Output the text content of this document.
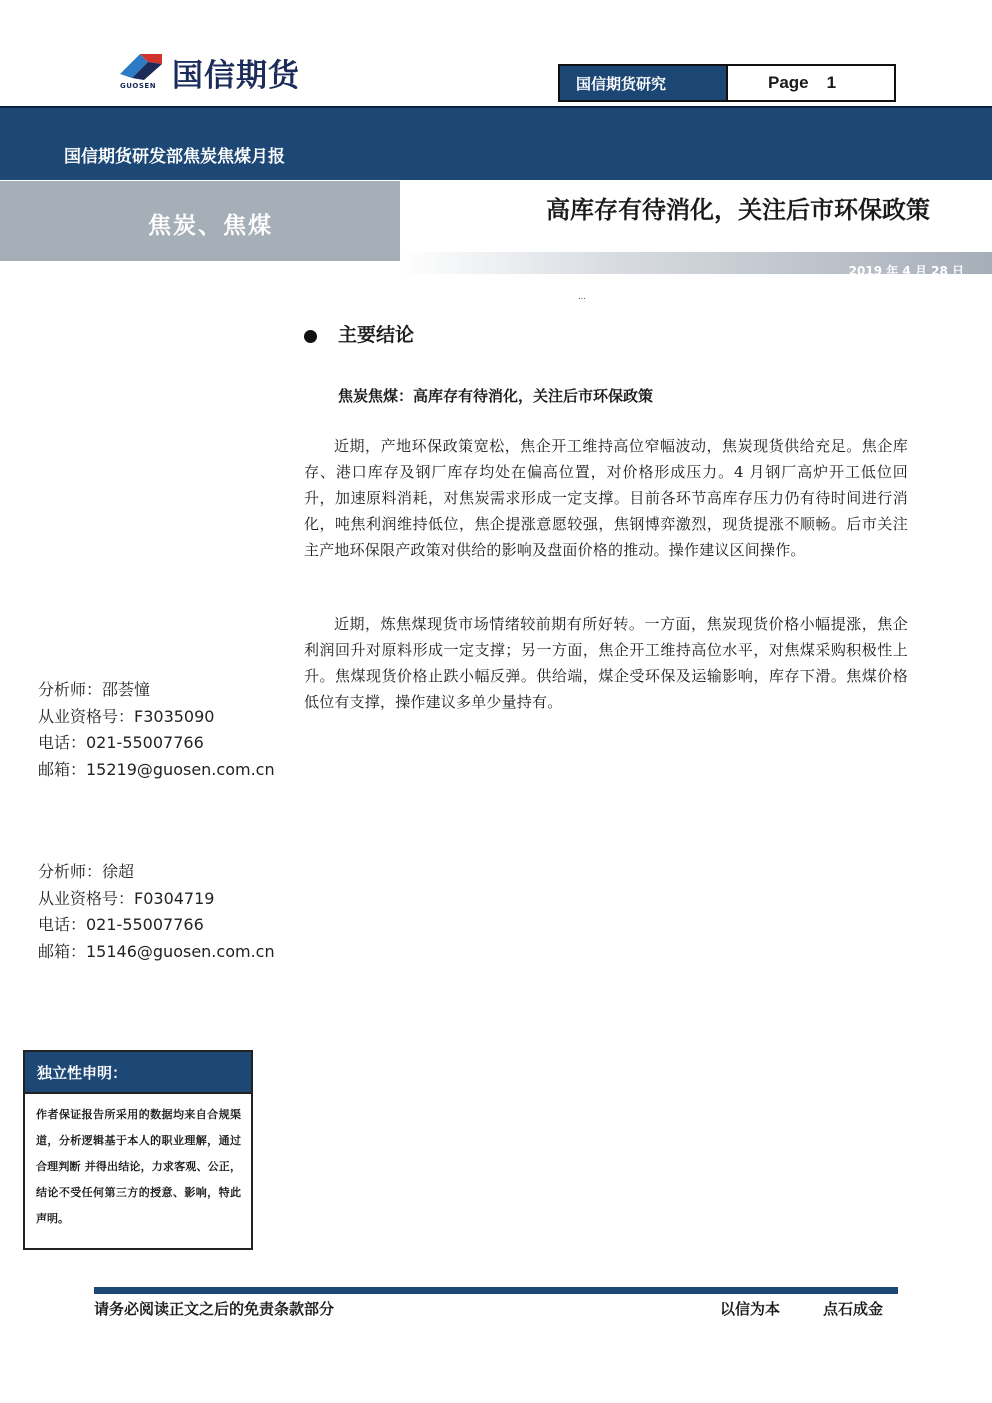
国信期货
GUOSEN	国信期货研究	Page 1
国信期货研发部焦炭焦煤月报
焦炭、焦煤
高库存有待消化，关注后市环保政策
2019 年 4 月 28 日
…
主要结论
焦炭焦煤：高库存有待消化，关注后市环保政策
近期，产地环保政策宽松，焦企开工维持高位窄幅波动，焦炭现货供给充足。焦企库存、港口库存及钢厂库存均处在偏高位置，对价格形成压力。4 月钢厂高炉开工低位回升，加速原料消耗，对焦炭需求形成一定支撑。目前各环节高库存压力仍有待时间进行消化，吨焦利润维持低位，焦企提涨意愿较强，焦钢博弈激烈，现货提涨不顺畅。后市关注主产地环保限产政策对供给的影响及盘面价格的推动。操作建议区间操作。
近期，炼焦煤现货市场情绪较前期有所好转。一方面，焦炭现货价格小幅提涨，焦企利润回升对原料形成一定支撑；另一方面，焦企开工维持高位水平，对焦煤采购积极性上升。焦煤现货价格止跌小幅反弹。供给端，煤企受环保及运输影响，库存下滑。焦煤价格低位有支撑，操作建议多单少量持有。
分析师：邵荟憧
从业资格号：F3035090
电话：021-55007766
邮箱：15219@guosen.com.cn
分析师：徐超
从业资格号：F0304719
电话：021-55007766
邮箱：15146@guosen.com.cn
独立性申明：
作者保证报告所采用的数据均来自合规渠道，分析逻辑基于本人的职业理解，通过合理判断 并得出结论，力求客观、公正，结论不受任何第三方的授意、影响，特此声明。
请务必阅读正文之后的免责条款部分	以信为本	点石成金
